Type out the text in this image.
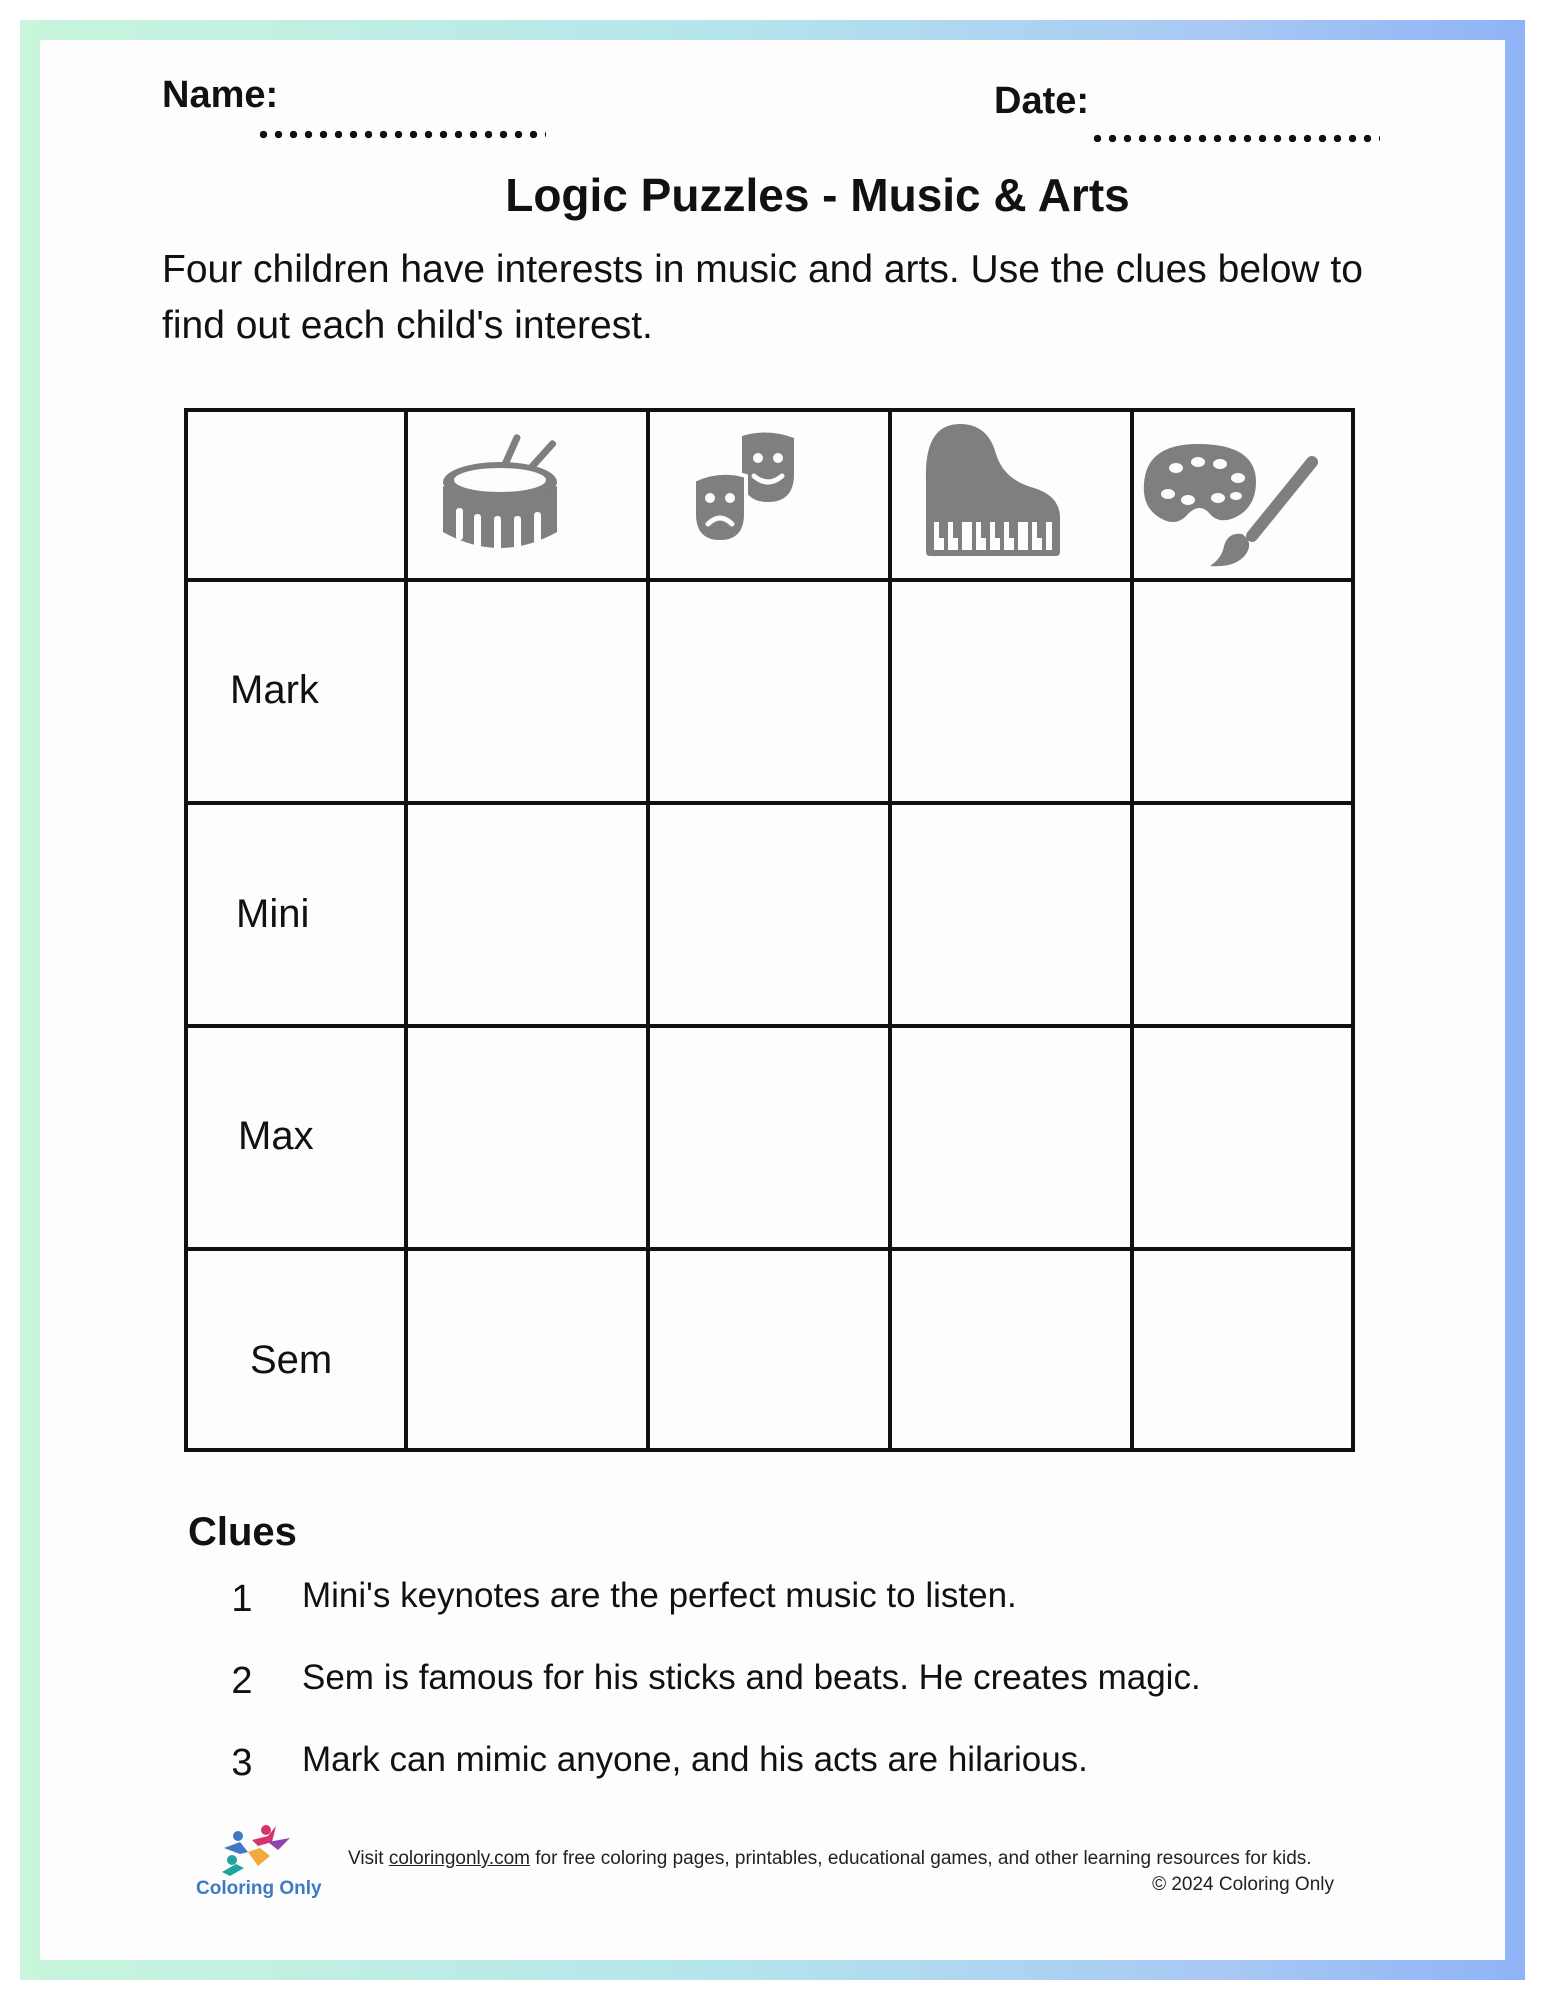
Name:	Date:
Logic Puzzles - Music & Arts
Four children have interests in music and arts. Use the clues below to find out each child's interest.
Mark
Mini
Max
Sem
Clues
1 Mini's keynotes are the perfect music to listen.
2 Sem is famous for his sticks and beats. He creates magic.
3 Mark can mimic anyone, and his acts are hilarious.
Coloring Only
Visit coloringonly.com for free coloring pages, printables, educational games, and other learning resources for kids.
© 2024 Coloring Only
